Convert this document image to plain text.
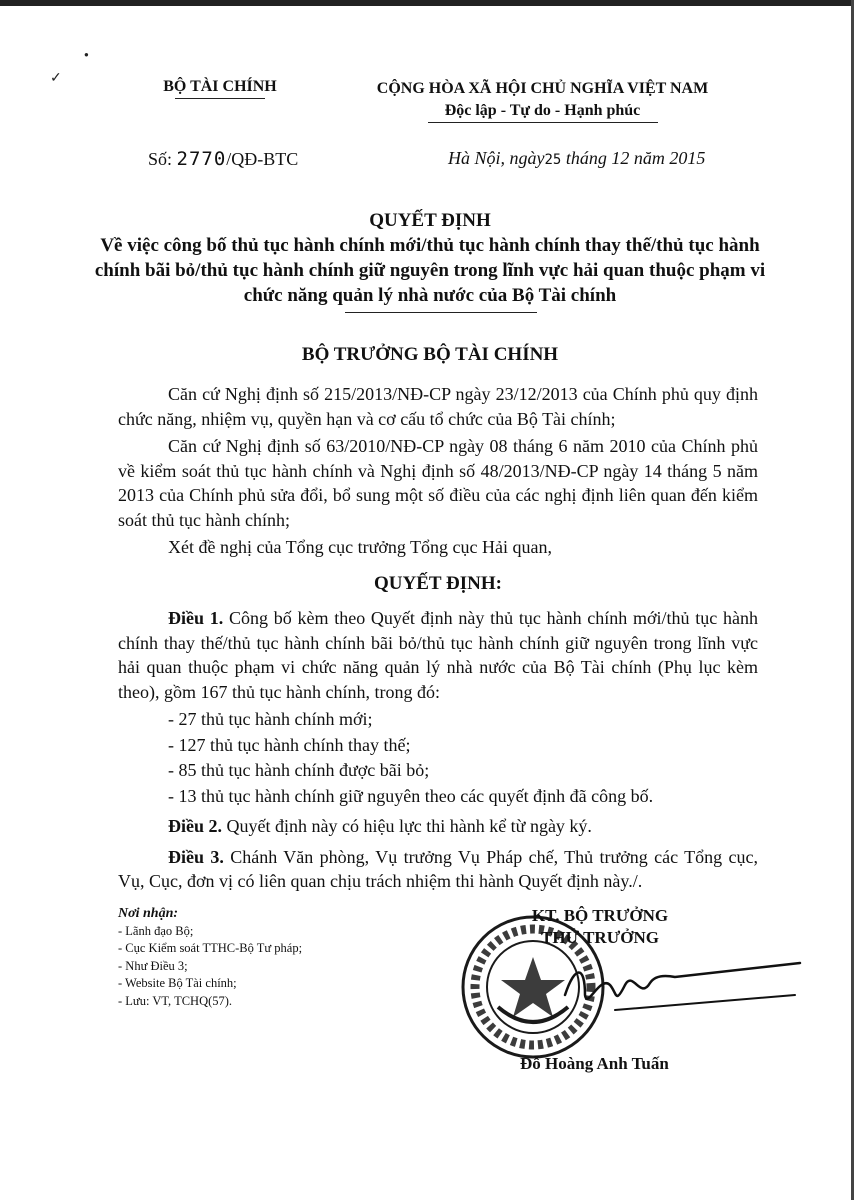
✓
●
BỘ TÀI CHÍNH	CỘNG HÒA XÃ HỘI CHỦ NGHĨA VIỆT NAM
Độc lập - Tự do - Hạnh phúc
Số: 2770/QĐ-BTC	Hà Nội, ngày25 tháng 12 năm 2015
QUYẾT ĐỊNH
Về việc công bố thủ tục hành chính mới/thủ tục hành chính thay thế/thủ tục hành chính bãi bỏ/thủ tục hành chính giữ nguyên trong lĩnh vực hải quan thuộc phạm vi chức năng quản lý nhà nước của Bộ Tài chính
BỘ TRƯỞNG BỘ TÀI CHÍNH

Căn cứ Nghị định số 215/2013/NĐ-CP ngày 23/12/2013 của Chính phủ quy định chức năng, nhiệm vụ, quyền hạn và cơ cấu tổ chức của Bộ Tài chính;

Căn cứ Nghị định số 63/2010/NĐ-CP ngày 08 tháng 6 năm 2010 của Chính phủ về kiểm soát thủ tục hành chính và Nghị định số 48/2013/NĐ-CP ngày 14 tháng 5 năm 2013 của Chính phủ sửa đổi, bổ sung một số điều của các nghị định liên quan đến kiểm soát thủ tục hành chính;

Xét đề nghị của Tổng cục trưởng Tổng cục Hải quan,

QUYẾT ĐỊNH:

Điều 1. Công bố kèm theo Quyết định này thủ tục hành chính mới/thủ tục hành chính thay thế/thủ tục hành chính bãi bỏ/thủ tục hành chính giữ nguyên trong lĩnh vực hải quan thuộc phạm vi chức năng quản lý nhà nước của Bộ Tài chính (Phụ lục kèm theo), gồm 167 thủ tục hành chính, trong đó:

- 27 thủ tục hành chính mới;
- 127 thủ tục hành chính thay thế;
- 85 thủ tục hành chính được bãi bỏ;
- 13 thủ tục hành chính giữ nguyên theo các quyết định đã công bố.

Điều 2. Quyết định này có hiệu lực thi hành kể từ ngày ký.

Điều 3. Chánh Văn phòng, Vụ trưởng Vụ Pháp chế, Thủ trưởng các Tổng cục, Vụ, Cục, đơn vị có liên quan chịu trách nhiệm thi hành Quyết định này./.

Nơi nhận:
- Lãnh đạo Bộ;
- Cục Kiểm soát TTHC-Bộ Tư pháp;
- Như Điều 3;
- Website Bộ Tài chính;
- Lưu: VT, TCHQ(57).
KT. BỘ TRƯỞNG
THỨ TRƯỞNG
Đỗ Hoàng Anh Tuấn
